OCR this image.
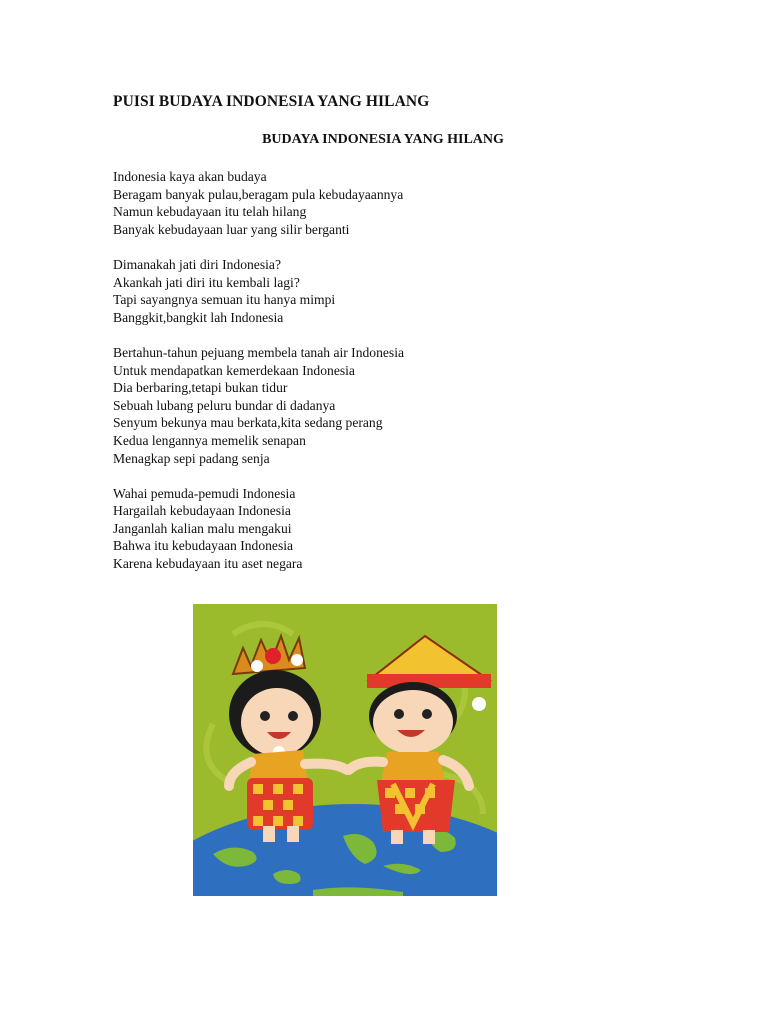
PUISI BUDAYA INDONESIA YANG HILANG
BUDAYA INDONESIA YANG HILANG
Indonesia kaya akan budaya
Beragam banyak pulau,beragam pula kebudayaannya
Namun kebudayaan itu telah hilang
Banyak kebudayaan luar yang silir berganti
Dimanakah jati diri Indonesia?
Akankah jati diri itu kembali lagi?
Tapi sayangnya semuan itu hanya mimpi
Banggkit,bangkit lah Indonesia
Bertahun-tahun pejuang membela tanah air Indonesia
Untuk mendapatkan kemerdekaan Indonesia
Dia berbaring,tetapi bukan tidur
Sebuah lubang peluru bundar di dadanya
Senyum bekunya mau berkata,kita sedang perang
Kedua lengannya memelik senapan
Menagkap sepi padang senja
Wahai pemuda-pemudi Indonesia
Hargailah kebudayaan Indonesia
Janganlah kalian malu mengakui
Bahwa itu kebudayaan Indonesia
Karena kebudayaan itu aset negara
